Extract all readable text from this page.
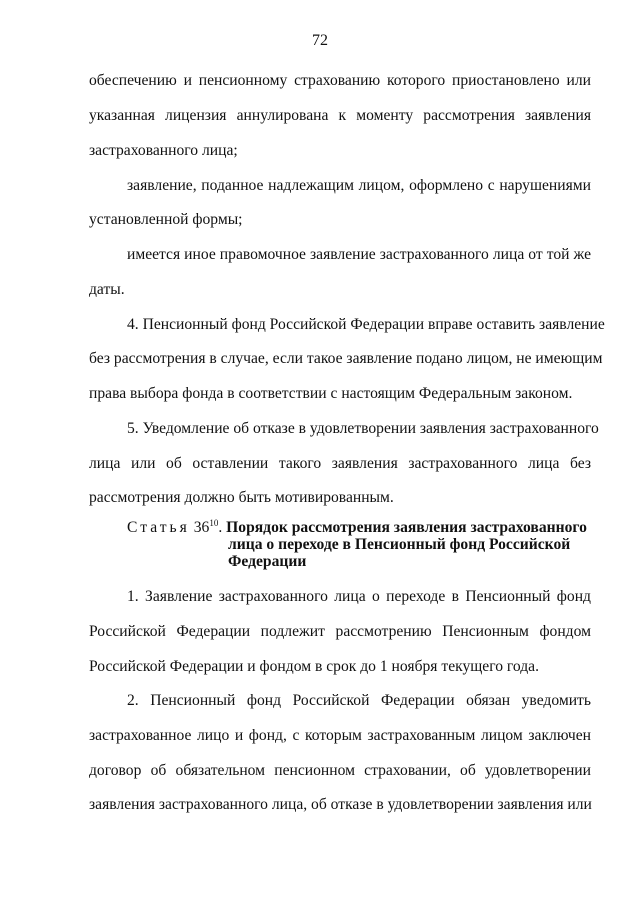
72
обеспечению и пенсионному страхованию которого приостановлено или
указанная лицензия аннулирована к моменту рассмотрения заявления
застрахованного лица;
заявление, поданное надлежащим лицом, оформлено с нарушениями
установленной формы;
имеется иное правомочное заявление застрахованного лица от той же
даты.
4. Пенсионный фонд Российской Федерации вправе оставить заявление
без рассмотрения в случае, если такое заявление подано лицом, не имеющим
права выбора фонда в соответствии с настоящим Федеральным законом.
5. Уведомление об отказе в удовлетворении заявления застрахованного
лица или об оставлении такого заявления застрахованного лица без
рассмотрения должно быть мотивированным.
Статья $36^{10}$. Порядок рассмотрения заявления застрахованного
лица о переходе в Пенсионный фонд Российской
Федерации
1. Заявление застрахованного лица о переходе в Пенсионный фонд
Российской Федерации подлежит рассмотрению Пенсионным фондом
Российской Федерации и фондом в срок до 1 ноября текущего года.
2. Пенсионный фонд Российской Федерации обязан уведомить
застрахованное лицо и фонд, с которым застрахованным лицом заключен
договор об обязательном пенсионном страховании, об удовлетворении
заявления застрахованного лица, об отказе в удовлетворении заявления или
